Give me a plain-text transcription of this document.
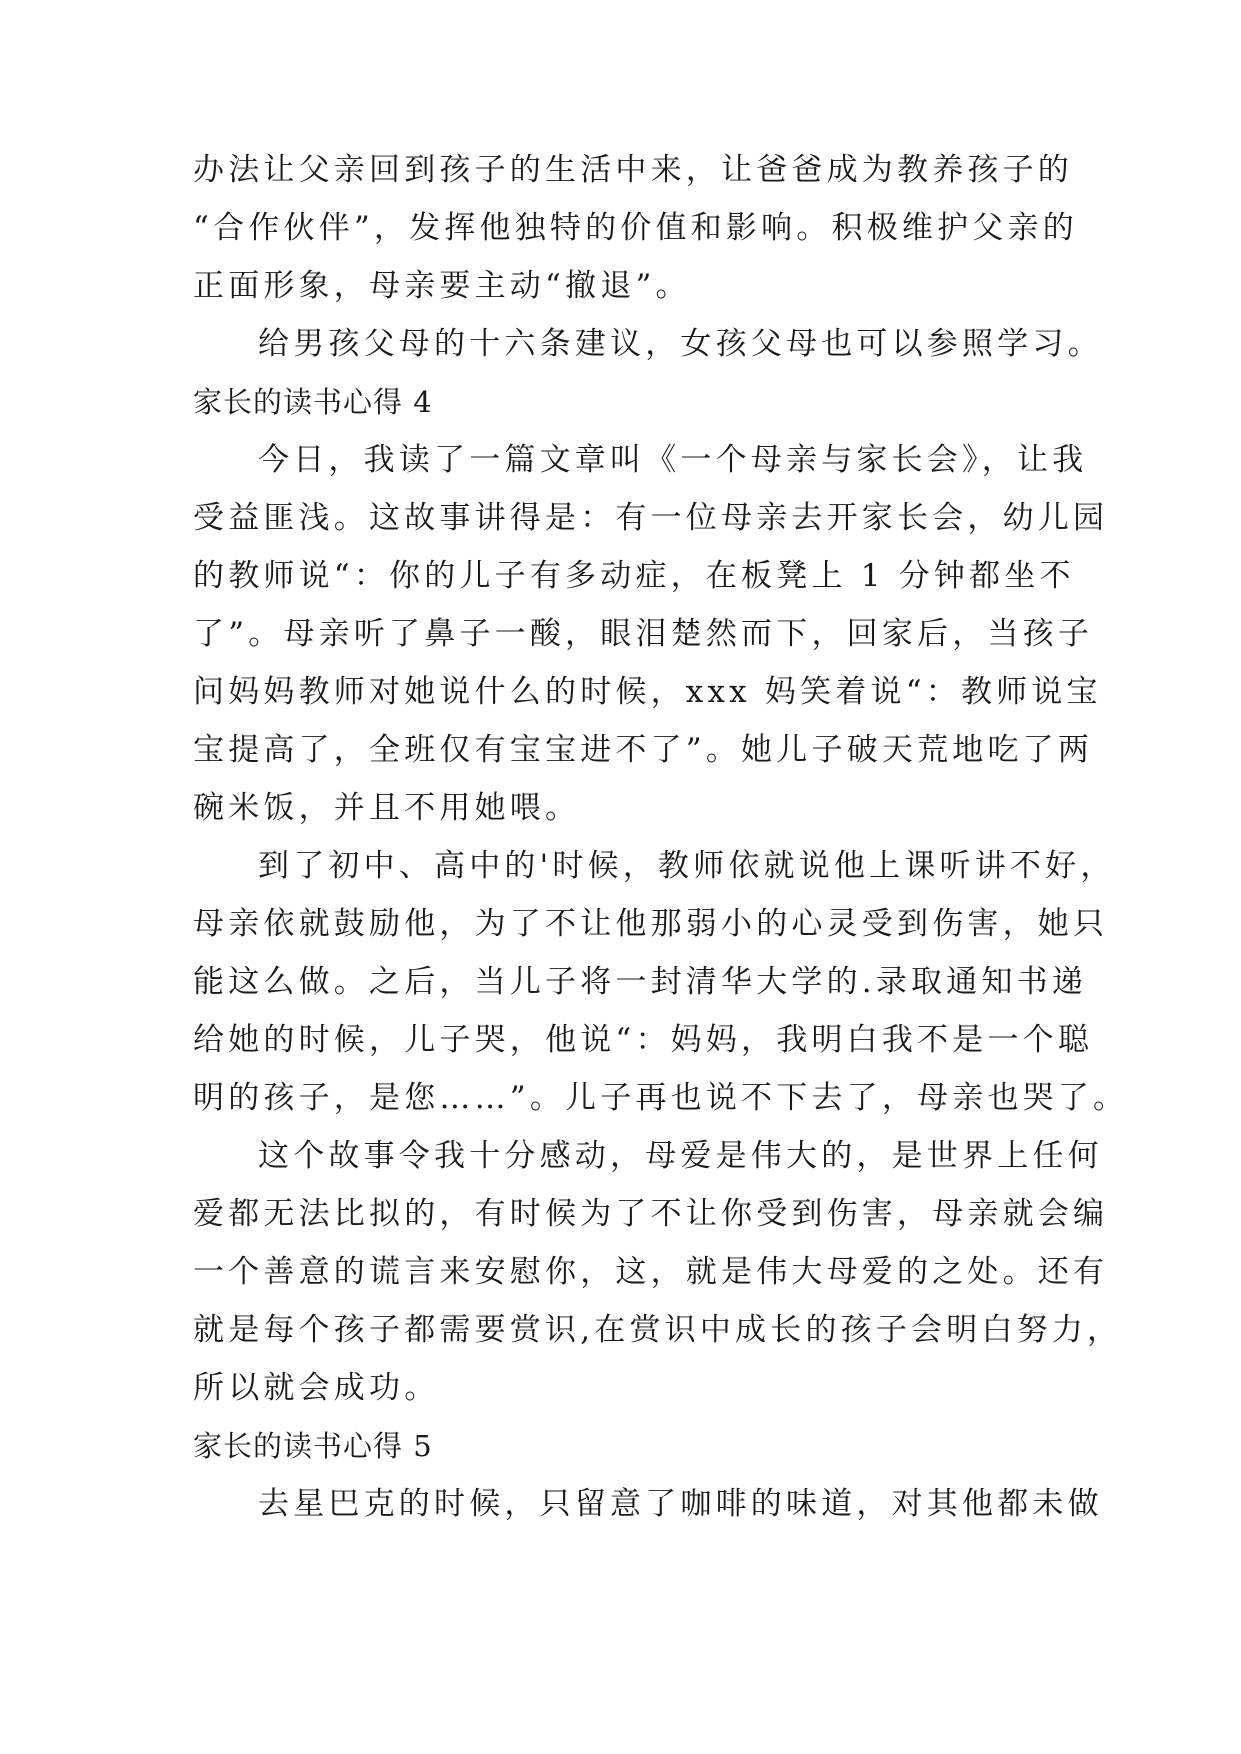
办法让父亲回到孩子的生活中来，让爸爸成为教养孩子的
“合作伙伴”，发挥他独特的价值和影响。积极维护父亲的
正面形象，母亲要主动“撤退”。
给男孩父母的十六条建议，女孩父母也可以参照学习。
家长的读书心得 4
今日，我读了一篇文章叫《一个母亲与家长会》，让我
受益匪浅。这故事讲得是：有一位母亲去开家长会，幼儿园
的教师说“：你的儿子有多动症，在板凳上 1 分钟都坐不
了”。母亲听了鼻子一酸，眼泪楚然而下，回家后，当孩子
问妈妈教师对她说什么的时候，xxx 妈笑着说“：教师说宝
宝提高了，全班仅有宝宝进不了”。她儿子破天荒地吃了两
碗米饭，并且不用她喂。
到了初中、高中的'时候，教师依就说他上课听讲不好，
母亲依就鼓励他，为了不让他那弱小的心灵受到伤害，她只
能这么做。之后，当儿子将一封清华大学的.录取通知书递
给她的时候，儿子哭，他说“：妈妈，我明白我不是一个聪
明的孩子，是您……”。儿子再也说不下去了，母亲也哭了。
这个故事令我十分感动，母爱是伟大的，是世界上任何
爱都无法比拟的，有时候为了不让你受到伤害，母亲就会编
一个善意的谎言来安慰你，这，就是伟大母爱的之处。还有
就是每个孩子都需要赏识,在赏识中成长的孩子会明白努力，
所以就会成功。
家长的读书心得 5
去星巴克的时候，只留意了咖啡的味道，对其他都未做
